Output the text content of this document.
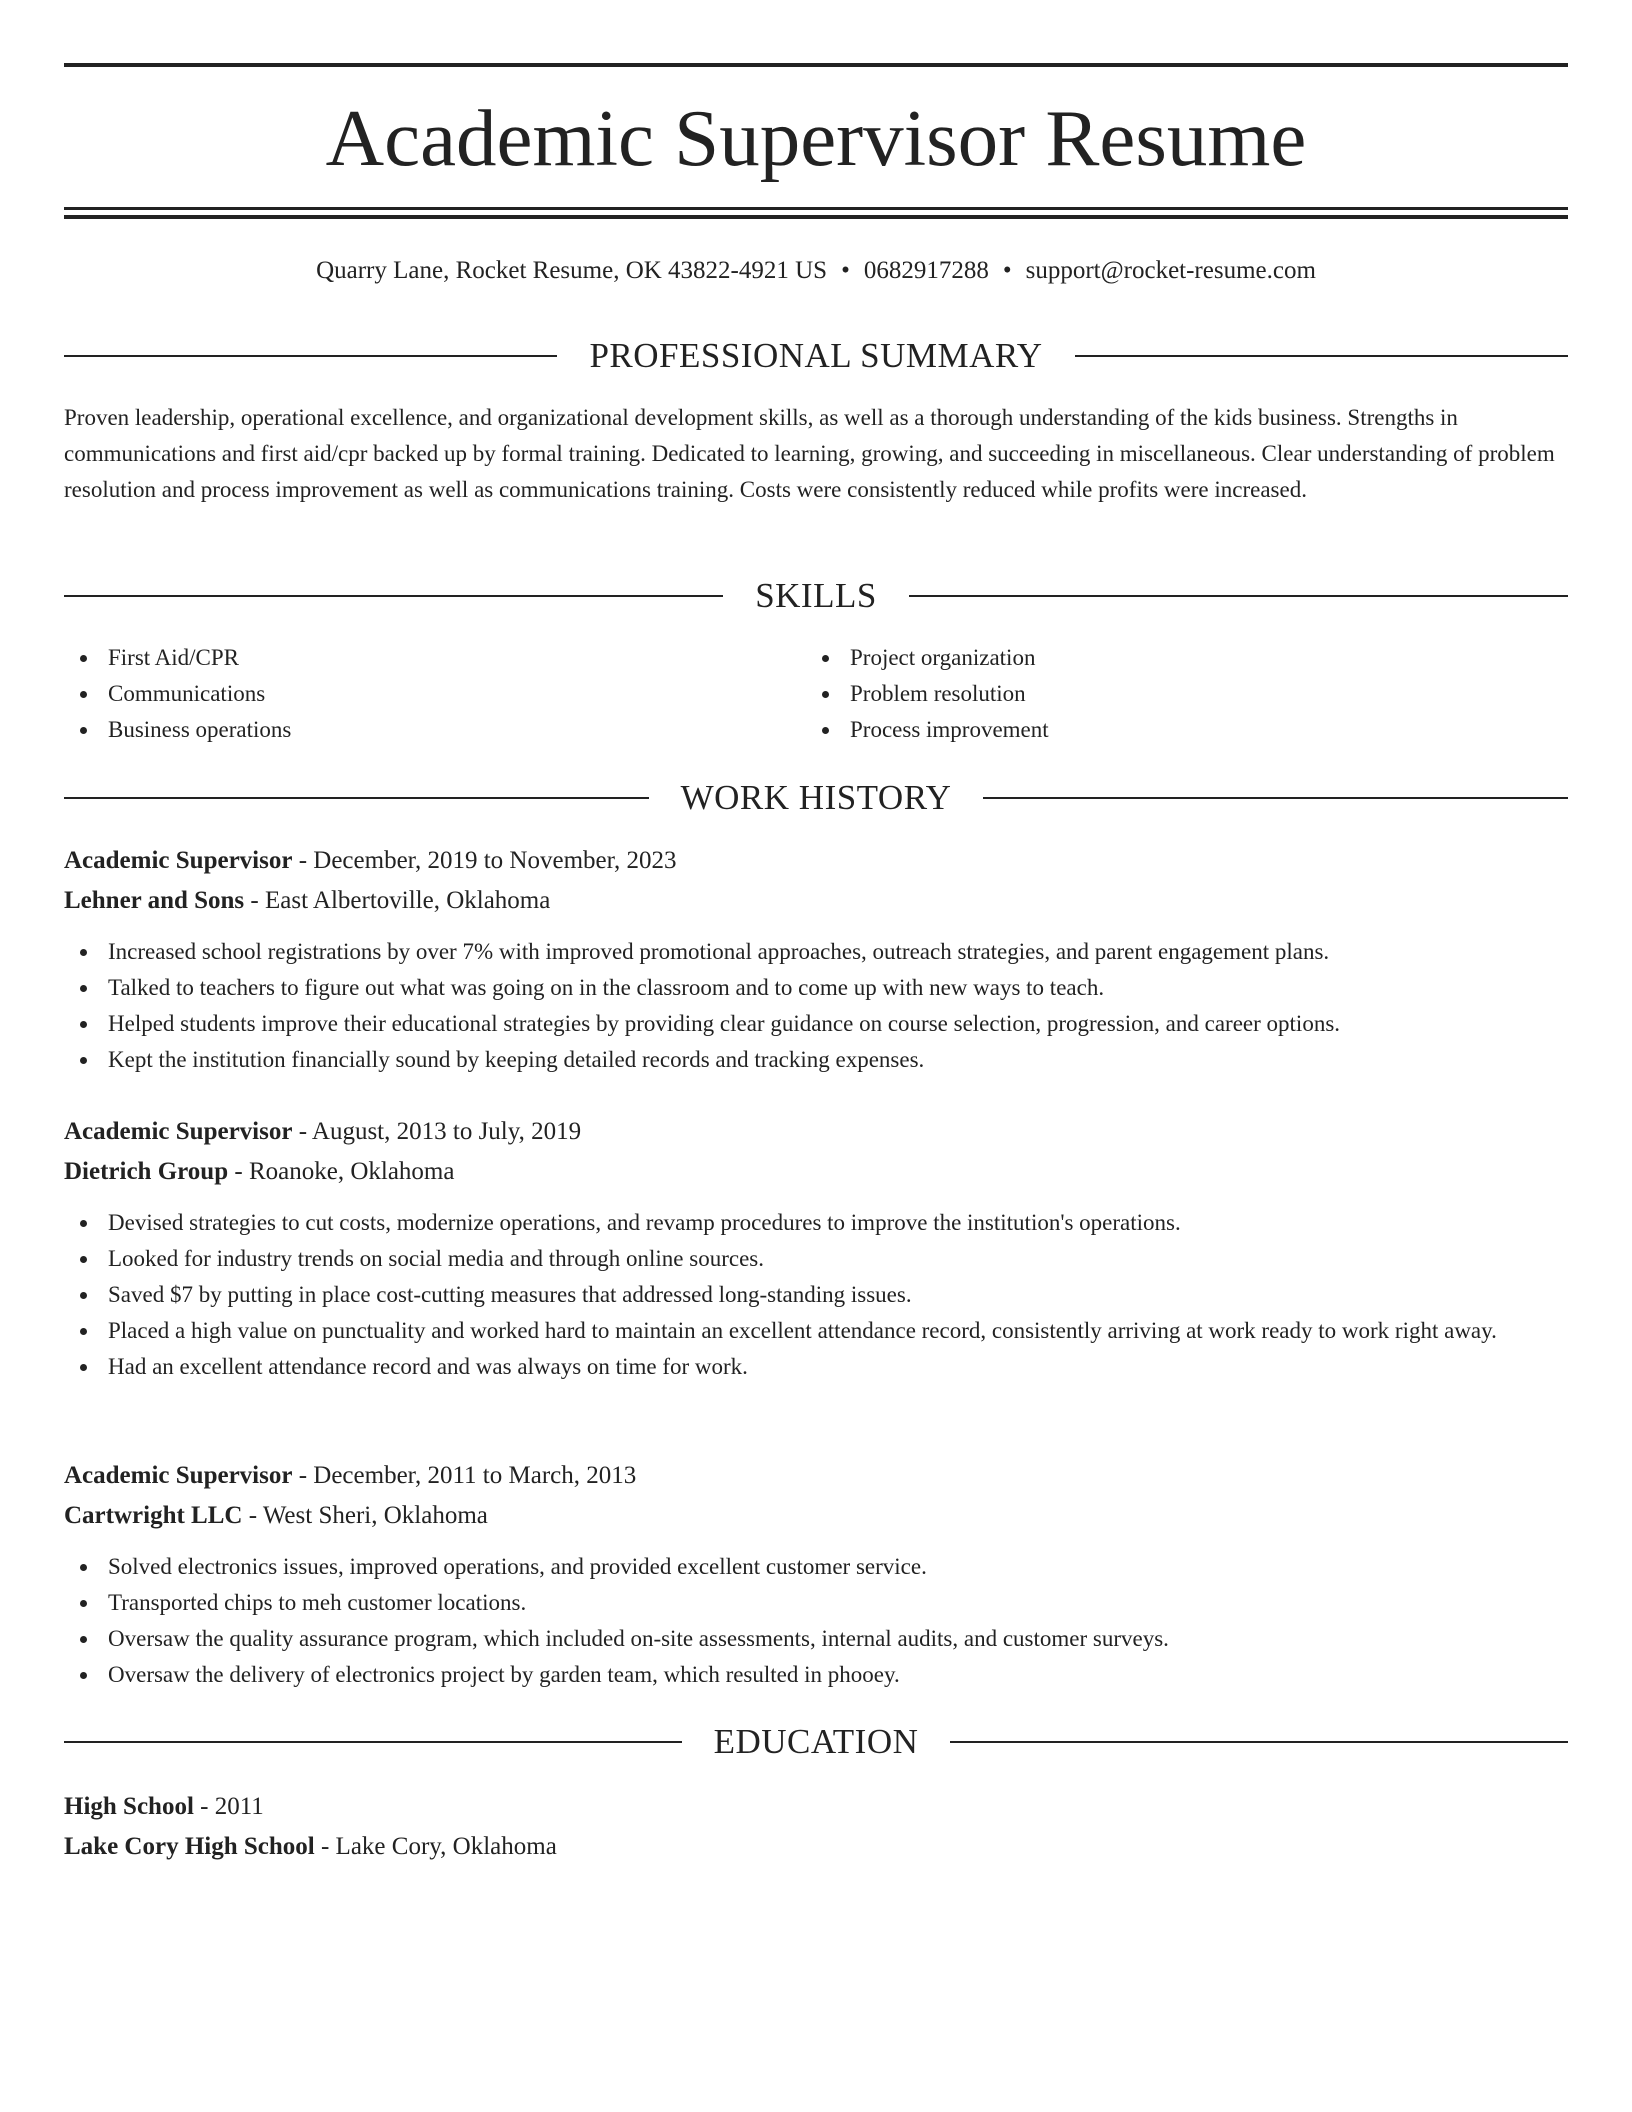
Academic Supervisor Resume
Quarry Lane, Rocket Resume, OK 43822-4921 US • 0682917288 • support@rocket-resume.com
PROFESSIONAL SUMMARY

Proven leadership, operational excellence, and organizational development skills, as well as a thorough understanding of the kids business. Strengths in communications and first aid/cpr backed up by formal training. Dedicated to learning, growing, and succeeding in miscellaneous. Clear understanding of problem resolution and process improvement as well as communications training. Costs were consistently reduced while profits were increased.

SKILLS
First Aid/CPR
Communications
Business operations
Project organization
Problem resolution
Process improvement
WORK HISTORY
Academic Supervisor - December, 2019 to November, 2023
Lehner and Sons - East Albertoville, Oklahoma
Increased school registrations by over 7% with improved promotional approaches, outreach strategies, and parent engagement plans.
Talked to teachers to figure out what was going on in the classroom and to come up with new ways to teach.
Helped students improve their educational strategies by providing clear guidance on course selection, progression, and career options.
Kept the institution financially sound by keeping detailed records and tracking expenses.
Academic Supervisor - August, 2013 to July, 2019
Dietrich Group - Roanoke, Oklahoma
Devised strategies to cut costs, modernize operations, and revamp procedures to improve the institution's operations.
Looked for industry trends on social media and through online sources.
Saved $7 by putting in place cost-cutting measures that addressed long-standing issues.
Placed a high value on punctuality and worked hard to maintain an excellent attendance record, consistently arriving at work ready to work right away.
Had an excellent attendance record and was always on time for work.
Academic Supervisor - December, 2011 to March, 2013
Cartwright LLC - West Sheri, Oklahoma
Solved electronics issues, improved operations, and provided excellent customer service.
Transported chips to meh customer locations.
Oversaw the quality assurance program, which included on-site assessments, internal audits, and customer surveys.
Oversaw the delivery of electronics project by garden team, which resulted in phooey.
EDUCATION
High School - 2011
Lake Cory High School - Lake Cory, Oklahoma
